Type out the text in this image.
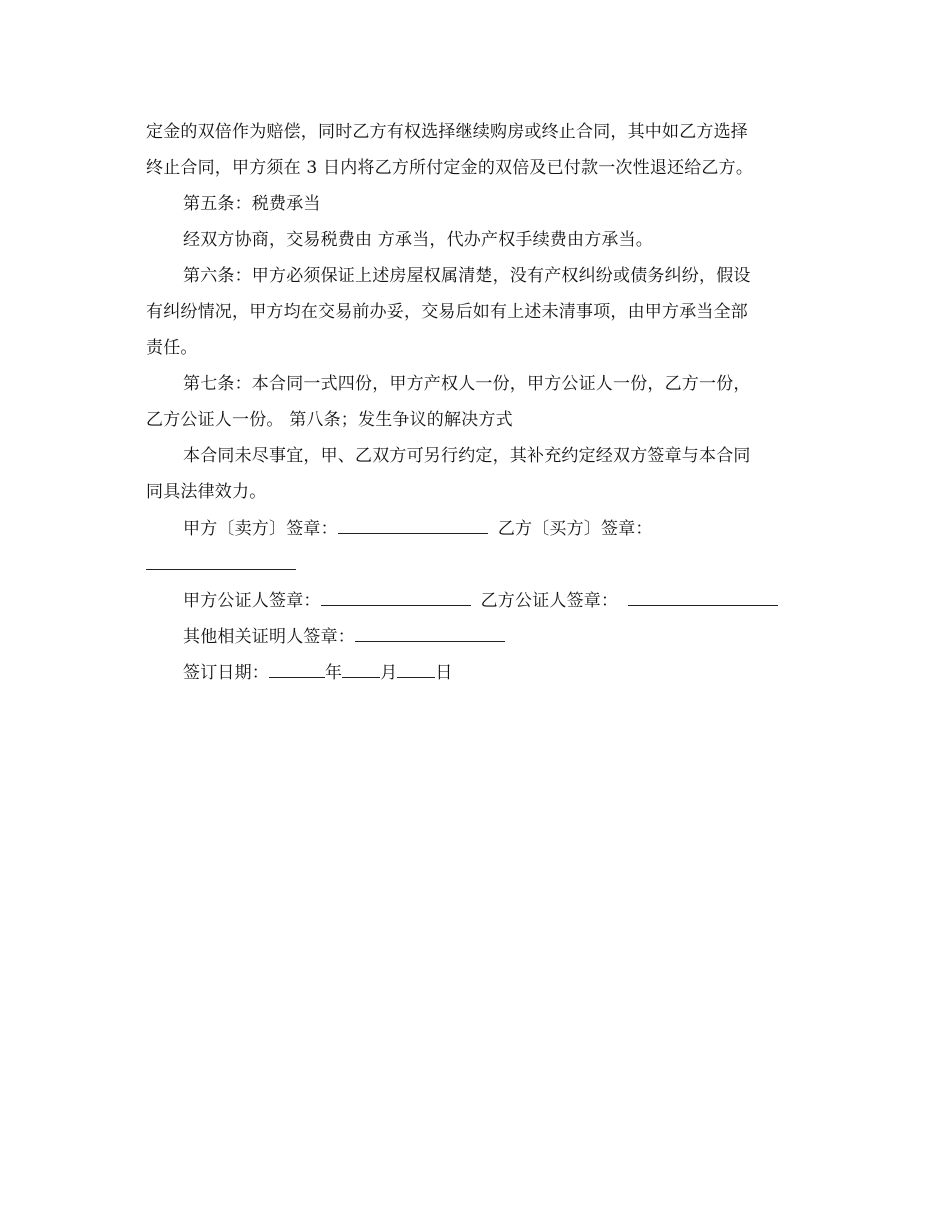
定金的双倍作为赔偿，同时乙方有权选择继续购房或终止合同，其中如乙方选择
终止合同，甲方须在 3 日内将乙方所付定金的双倍及已付款一次性退还给乙方。
第五条：税费承当
经双方协商，交易税费由 方承当，代办产权手续费由方承当。
第六条：甲方必须保证上述房屋权属清楚，没有产权纠纷或债务纠纷，假设
有纠纷情况，甲方均在交易前办妥，交易后如有上述未清事项，由甲方承当全部
责任。
第七条：本合同一式四份，甲方产权人一份，甲方公证人一份，乙方一份，
乙方公证人一份。 第八条；发生争议的解决方式
本合同未尽事宜，甲、乙双方可另行约定，其补充约定经双方签章与本合同
同具法律效力。
甲方〔卖方〕签章：	乙方〔买方〕签章：
甲方公证人签章：	乙方公证人签章：
其他相关证明人签章：
签订日期：	年 月 日
